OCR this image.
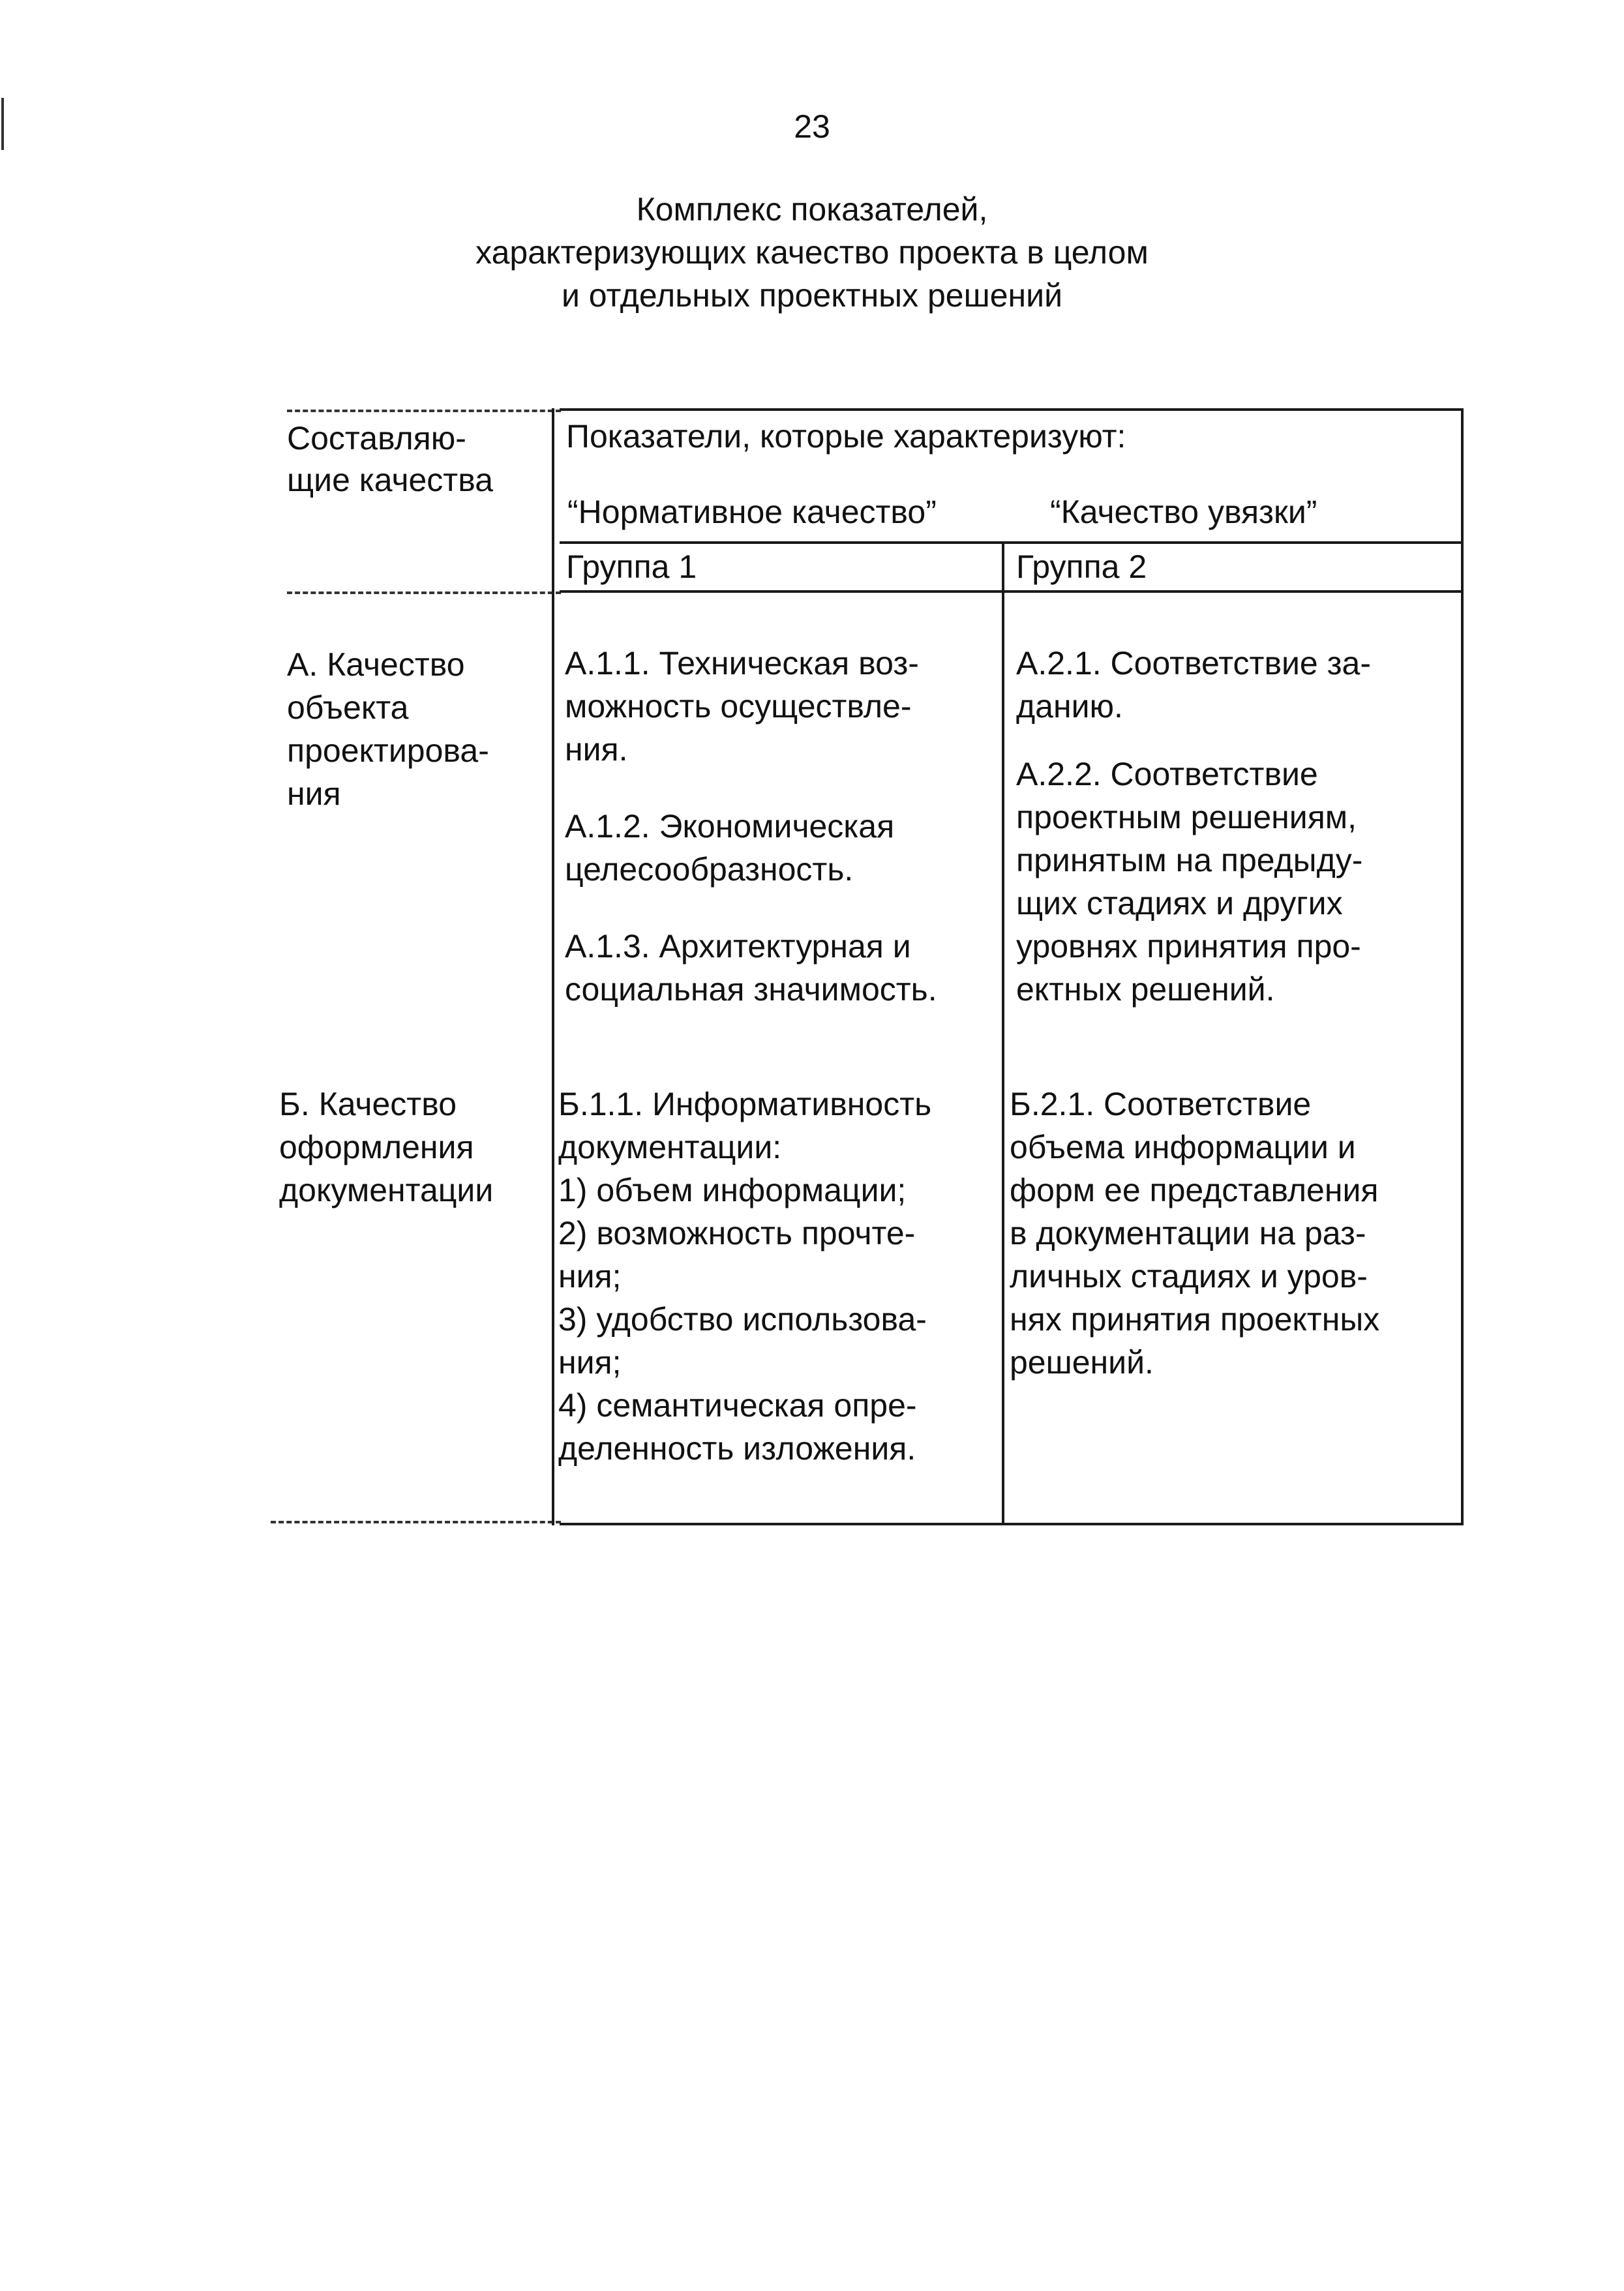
23
Комплекс показателей,
характеризующих качество проекта в целом
и отдельных проектных решений
Составляю-
щие качества
Показатели, которые характеризуют:
“Нормативное качество”	“Качество увязки”
Группа 1	Группа 2
А. Качество
объекта
проектирова-
ния
А.1.1. Техническая воз-
можность осуществле-
ния.
А.1.2. Экономическая
целесообразность.
А.1.3. Архитектурная и
социальная значимость.
А.2.1. Соответствие за-
данию.
А.2.2. Соответствие
проектным решениям,
принятым на предыду-
щих стадиях и других
уровнях принятия про-
ектных решений.
Б. Качество
оформления
документации
Б.1.1. Информативность
документации:
1) объем информации;
2) возможность прочте-
ния;
3) удобство использова-
ния;
4) семантическая опре-
деленность изложения.
Б.2.1. Соответствие
объема информации и
форм ее представления
в документации на раз-
личных стадиях и уров-
нях принятия проектных
решений.
